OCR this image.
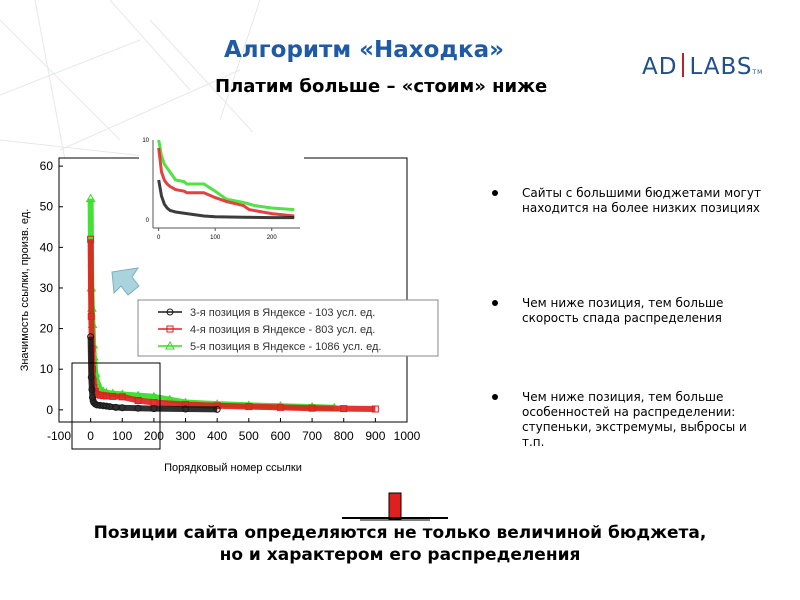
Алгоритм «Находка»
Платим больше – «стоим» ниже
AD LABSTM
-100 0 100 200 300 400 500 600 700 800 900 1000
0
10
20
30
40
50
60
Порядковый номер ссылки
Значимость ссылки, произв. ед.	0	100	200
0
10
3-я позиция в Яндексе - 103 усл. ед.
4-я позиция в Яндексе - 803 усл. ед.
5-я позиция в Яндексе - 1086 усл. ед.
Сайты с большими бюджетами могут находится на более низких позициях
Чем ниже позиция, тем больше скорость спада распределения
Чем ниже позиция, тем больше особенностей на распределении: ступеньки, экстремумы, выбросы и т.п.
Позиции сайта определяются не только величиной бюджета,
но и характером его распределения
